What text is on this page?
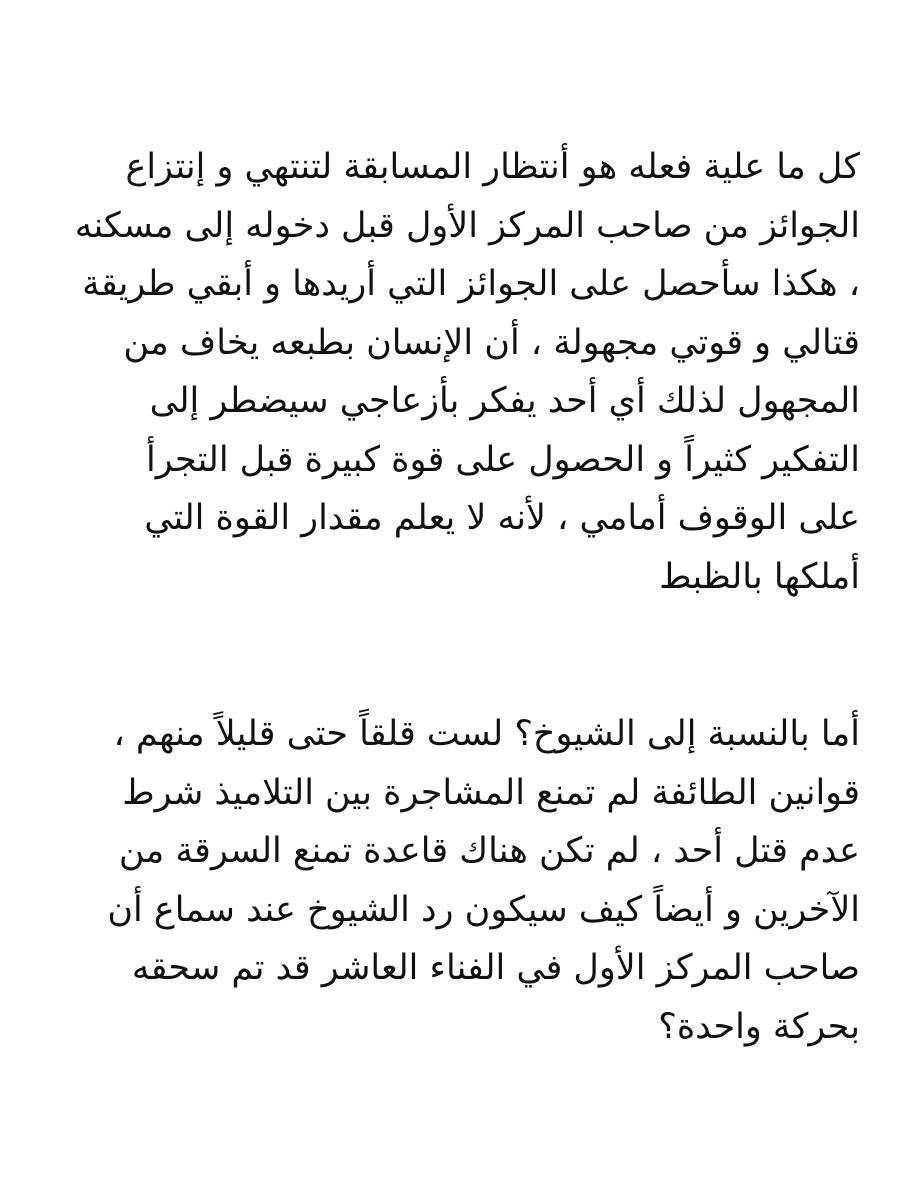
كل ما علية فعله هو أنتظار المسابقة لتنتهي و إنتزاع
الجوائز من صاحب المركز الأول قبل دخوله إلى مسكنه
، هكذا سأحصل على الجوائز التي أريدها و أبقي طريقة
قتالي و قوتي مجهولة ، أن الإنسان بطبعه يخاف من
المجهول لذلك أي أحد يفكر بأزعاجي سيضطر إلى
التفكير كثيراً و الحصول على قوة كبيرة قبل التجرأ
على الوقوف أمامي ، لأنه لا يعلم مقدار القوة التي
أملكها بالظبط

أما بالنسبة إلى الشيوخ؟ لست قلقاً حتى قليلاً منهم ،
قوانين الطائفة لم تمنع المشاجرة بين التلاميذ شرط
عدم قتل أحد ، لم تكن هناك قاعدة تمنع السرقة من
الآخرين و أيضاً كيف سيكون رد الشيوخ عند سماع أن
صاحب المركز الأول في الفناء العاشر قد تم سحقه
بحركة واحدة؟
